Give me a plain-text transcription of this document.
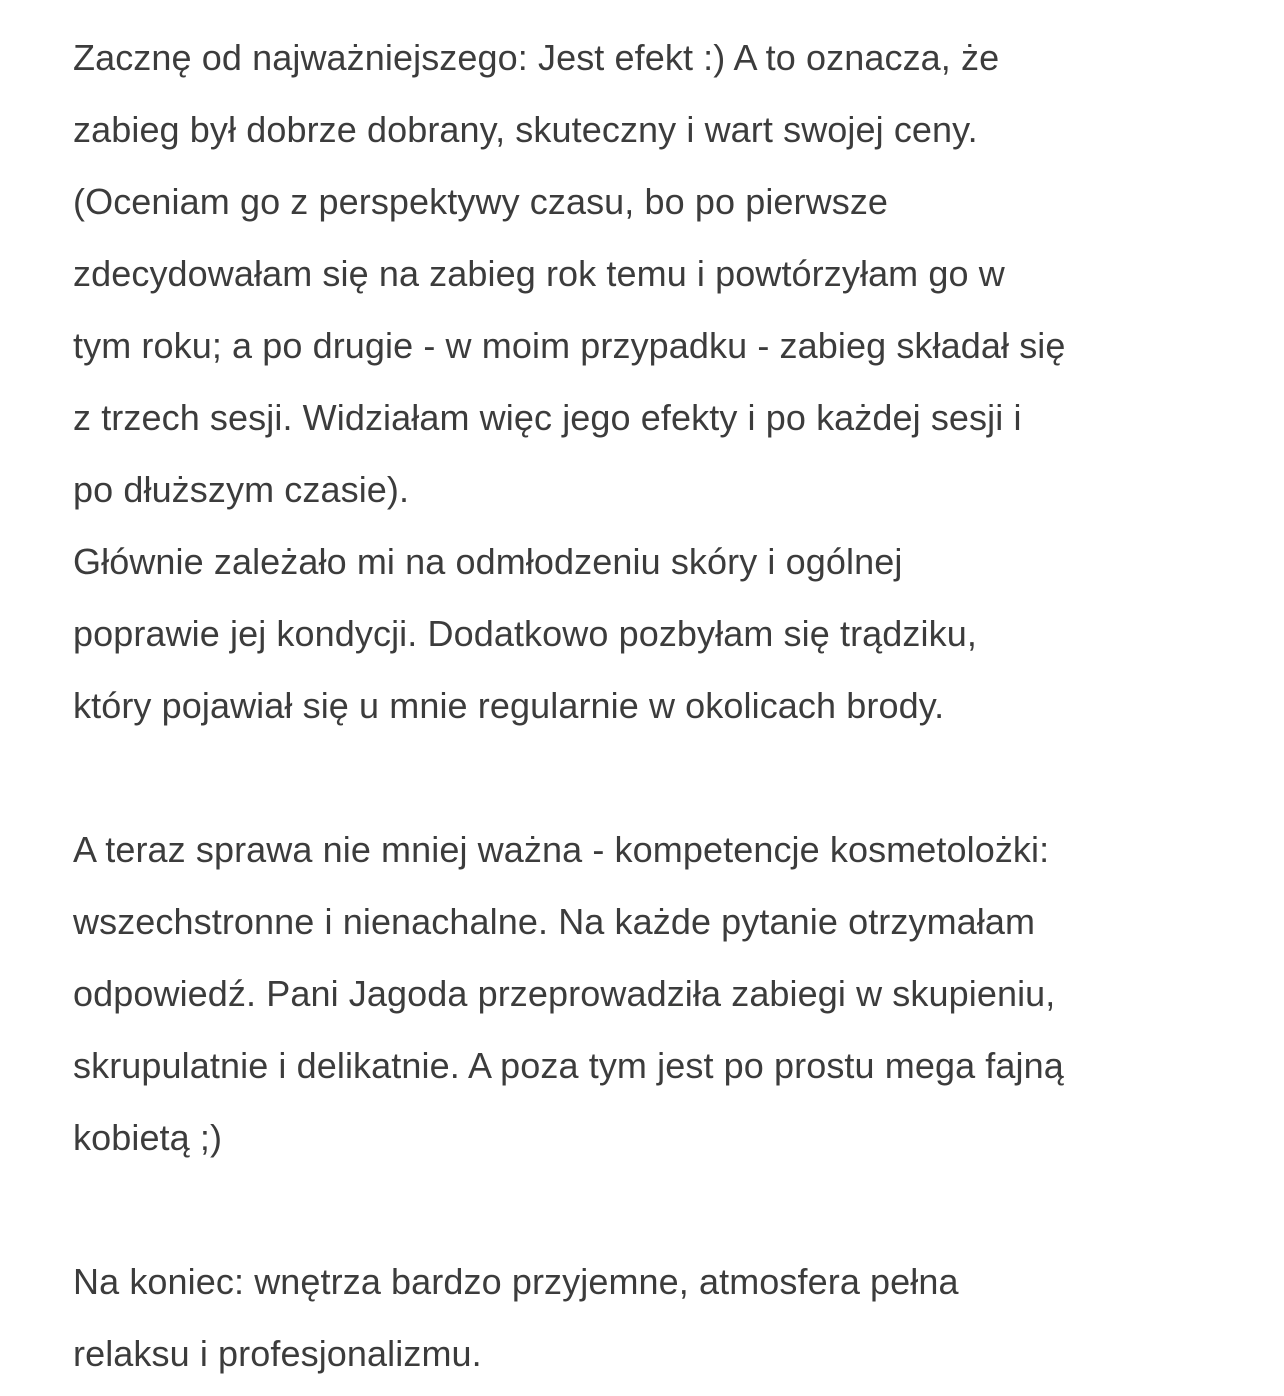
Zacznę od najważniejszego: Jest efekt :) A to oznacza, że
zabieg był dobrze dobrany, skuteczny i wart swojej ceny.
(Oceniam go z perspektywy czasu, bo po pierwsze
zdecydowałam się na zabieg rok temu i powtórzyłam go w
tym roku; a po drugie - w moim przypadku - zabieg składał się
z trzech sesji. Widziałam więc jego efekty i po każdej sesji i
po dłuższym czasie).
Głównie zależało mi na odmłodzeniu skóry i ogólnej
poprawie jej kondycji. Dodatkowo pozbyłam się trądziku,
który pojawiał się u mnie regularnie w okolicach brody.
A teraz sprawa nie mniej ważna - kompetencje kosmetolożki:
wszechstronne i nienachalne. Na każde pytanie otrzymałam
odpowiedź. Pani Jagoda przeprowadziła zabiegi w skupieniu,
skrupulatnie i delikatnie. A poza tym jest po prostu mega fajną
kobietą ;)
Na koniec: wnętrza bardzo przyjemne, atmosfera pełna
relaksu i profesjonalizmu.
